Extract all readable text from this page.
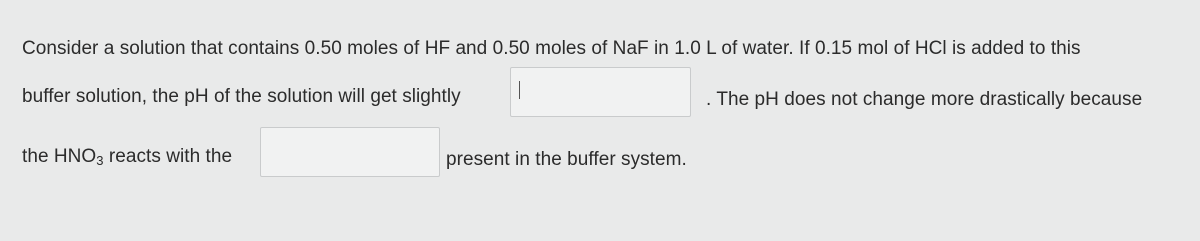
Consider a solution that contains 0.50 moles of HF and 0.50 moles of NaF in 1.0 L of water. If 0.15 mol of HCl is added to this
buffer solution, the pH of the solution will get slightly	. The pH does not change more drastically because
the $HNO_3$ reacts with the	present in the buffer system.
